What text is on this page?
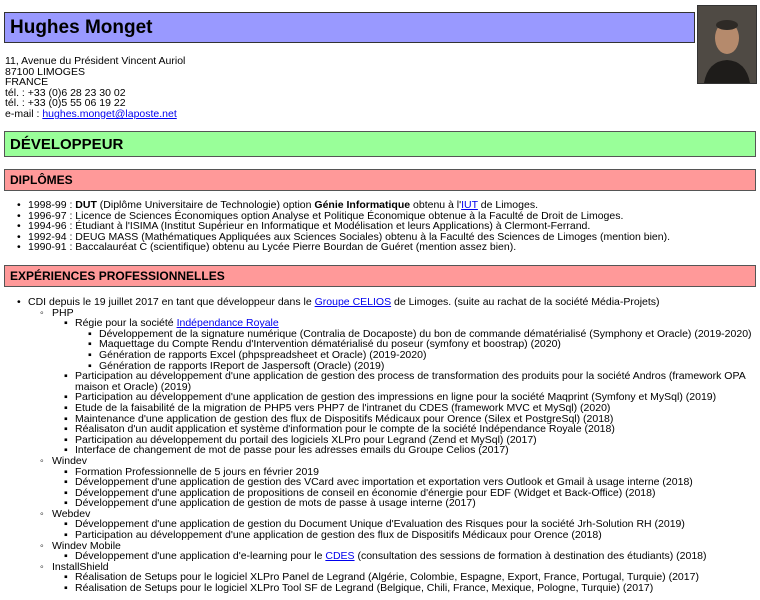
Hughes Monget
11, Avenue du Président Vincent Auriol
87100 LIMOGES
FRANCE
tél. : +33 (0)6 28 23 30 02
tél. : +33 (0)5 55 06 19 22
e-mail : hughes.monget@laposte.net
DÉVELOPPEUR
DIPLÔMES
• 1998-99 : DUT (Diplôme Universitaire de Technologie) option Génie Informatique obtenu à l'IUT de Limoges.
• 1996-97 : Licence de Sciences Économiques option Analyse et Politique Économique obtenue à la Faculté de Droit de Limoges.
• 1994-96 : Étudiant à l'ISIMA (Institut Supérieur en Informatique et Modélisation et leurs Applications) à Clermont-Ferrand.
• 1992-94 : DEUG MASS (Mathématiques Appliquées aux Sciences Sociales) obtenu à la Faculté des Sciences de Limoges (mention bien).
• 1990-91 : Baccalauréat C (scientifique) obtenu au Lycée Pierre Bourdan de Guéret (mention assez bien).
EXPÉRIENCES PROFESSIONNELLES
• CDI depuis le 19 juillet 2017 en tant que développeur dans le Groupe CELIOS de Limoges. (suite au rachat de la société Média-Projets)
◦ PHP
▪ Régie pour la société Indépendance Royale
▪ Développement de la signature numérique (Contralia de Docaposte) du bon de commande dématérialisé (Symphony et Oracle) (2019-2020)
▪ Maquettage du Compte Rendu d'Intervention dématérialisé du poseur (symfony et boostrap) (2020)
▪ Génération de rapports Excel (phpspreadsheet et Oracle) (2019-2020)
▪ Génération de rapports IReport de Jaspersoft (Oracle) (2019)
▪ Participation au développement d'une application de gestion des process de transformation des produits pour la société Andros (framework OPA maison et Oracle) (2019)
▪ Participation au développement d'une application de gestion des impressions en ligne pour la société Maqprint (Symfony et MySql) (2019)
▪ Etude de la faisabilité de la migration de PHP5 vers PHP7 de l'intranet du CDES (framework MVC et MySql) (2020)
▪ Maintenance d'une application de gestion des flux de Dispositifs Médicaux pour Orence (Silex et PostgreSql) (2018)
▪ Réalisaton d'un audit application et système d'information pour le compte de la société Indépendance Royale (2018)
▪ Participation au développement du portail des logiciels XLPro pour Legrand (Zend et MySql) (2017)
▪ Interface de changement de mot de passe pour les adresses emails du Groupe Celios (2017)
◦ Windev
▪ Formation Professionnelle de 5 jours en février 2019
▪ Développement d'une application de gestion des VCard avec importation et exportation vers Outlook et Gmail à usage interne (2018)
▪ Développement d'une application de propositions de conseil en économie d'énergie pour EDF (Widget et Back-Office) (2018)
▪ Développement d'une application de gestion de mots de passe à usage interne (2017)
◦ Webdev
▪ Développement d'une application de gestion du Document Unique d'Evaluation des Risques pour la société Jrh-Solution RH (2019)
▪ Participation au développement d'une application de gestion des flux de Dispositifs Médicaux pour Orence (2018)
◦ Windev Mobile
▪ Développement d'une application d'e-learning pour le CDES (consultation des sessions de formation à destination des étudiants) (2018)
◦ InstallShield
▪ Réalisation de Setups pour le logiciel XLPro Panel de Legrand (Algérie, Colombie, Espagne, Export, France, Portugal, Turquie) (2017)
▪ Réalisation de Setups pour le logiciel XLPro Tool SF de Legrand (Belgique, Chili, France, Mexique, Pologne, Turquie) (2017)
